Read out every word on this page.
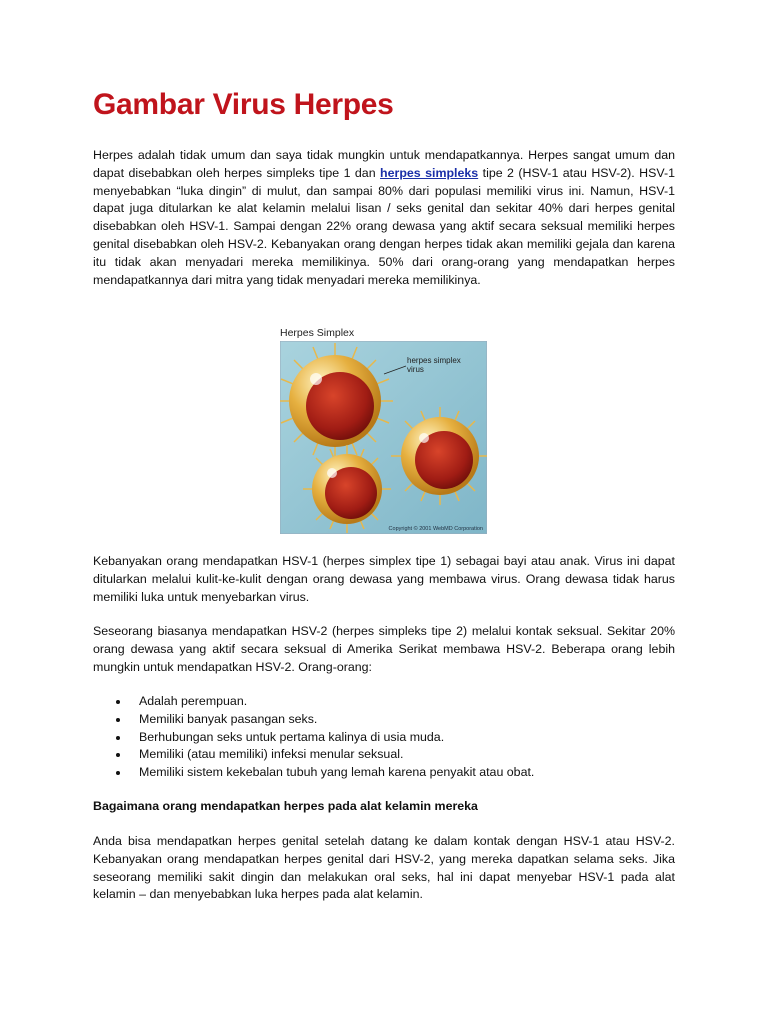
Gambar Virus Herpes

Herpes adalah tidak umum dan saya tidak mungkin untuk mendapatkannya. Herpes sangat umum dan dapat disebabkan oleh herpes simpleks tipe 1 dan herpes simpleks tipe 2 (HSV-1 atau HSV-2). HSV-1 menyebabkan “luka dingin” di mulut, dan sampai 80% dari populasi memiliki virus ini. Namun, HSV-1 dapat juga ditularkan ke alat kelamin melalui lisan / seks genital dan sekitar 40% dari herpes genital disebabkan oleh HSV-1. Sampai dengan 22% orang dewasa yang aktif secara seksual memiliki herpes genital disebabkan oleh HSV-2. Kebanyakan orang dengan herpes tidak akan memiliki gejala dan karena itu tidak akan menyadari mereka memilikinya. 50% dari orang-orang yang mendapatkan herpes mendapatkannya dari mitra yang tidak menyadari mereka memilikinya.

Herpes Simplex
herpes simplex
virus
Copyright © 2001 WebMD Corporation

Kebanyakan orang mendapatkan HSV-1 (herpes simplex tipe 1) sebagai bayi atau anak. Virus ini dapat ditularkan melalui kulit-ke-kulit dengan orang dewasa yang membawa virus. Orang dewasa tidak harus memiliki luka untuk menyebarkan virus.

Seseorang biasanya mendapatkan HSV-2 (herpes simpleks tipe 2) melalui kontak seksual. Sekitar 20% orang dewasa yang aktif secara seksual di Amerika Serikat membawa HSV-2. Beberapa orang lebih mungkin untuk mendapatkan HSV-2. Orang-orang:

Adalah perempuan.
Memiliki banyak pasangan seks.
Berhubungan seks untuk pertama kalinya di usia muda.
Memiliki (atau memiliki) infeksi menular seksual.
Memiliki sistem kekebalan tubuh yang lemah karena penyakit atau obat.
Bagaimana orang mendapatkan herpes pada alat kelamin mereka

Anda bisa mendapatkan herpes genital setelah datang ke dalam kontak dengan HSV-1 atau HSV-2. Kebanyakan orang mendapatkan herpes genital dari HSV-2, yang mereka dapatkan selama seks. Jika seseorang memiliki sakit dingin dan melakukan oral seks, hal ini dapat menyebar HSV-1 pada alat kelamin – dan menyebabkan luka herpes pada alat kelamin.
